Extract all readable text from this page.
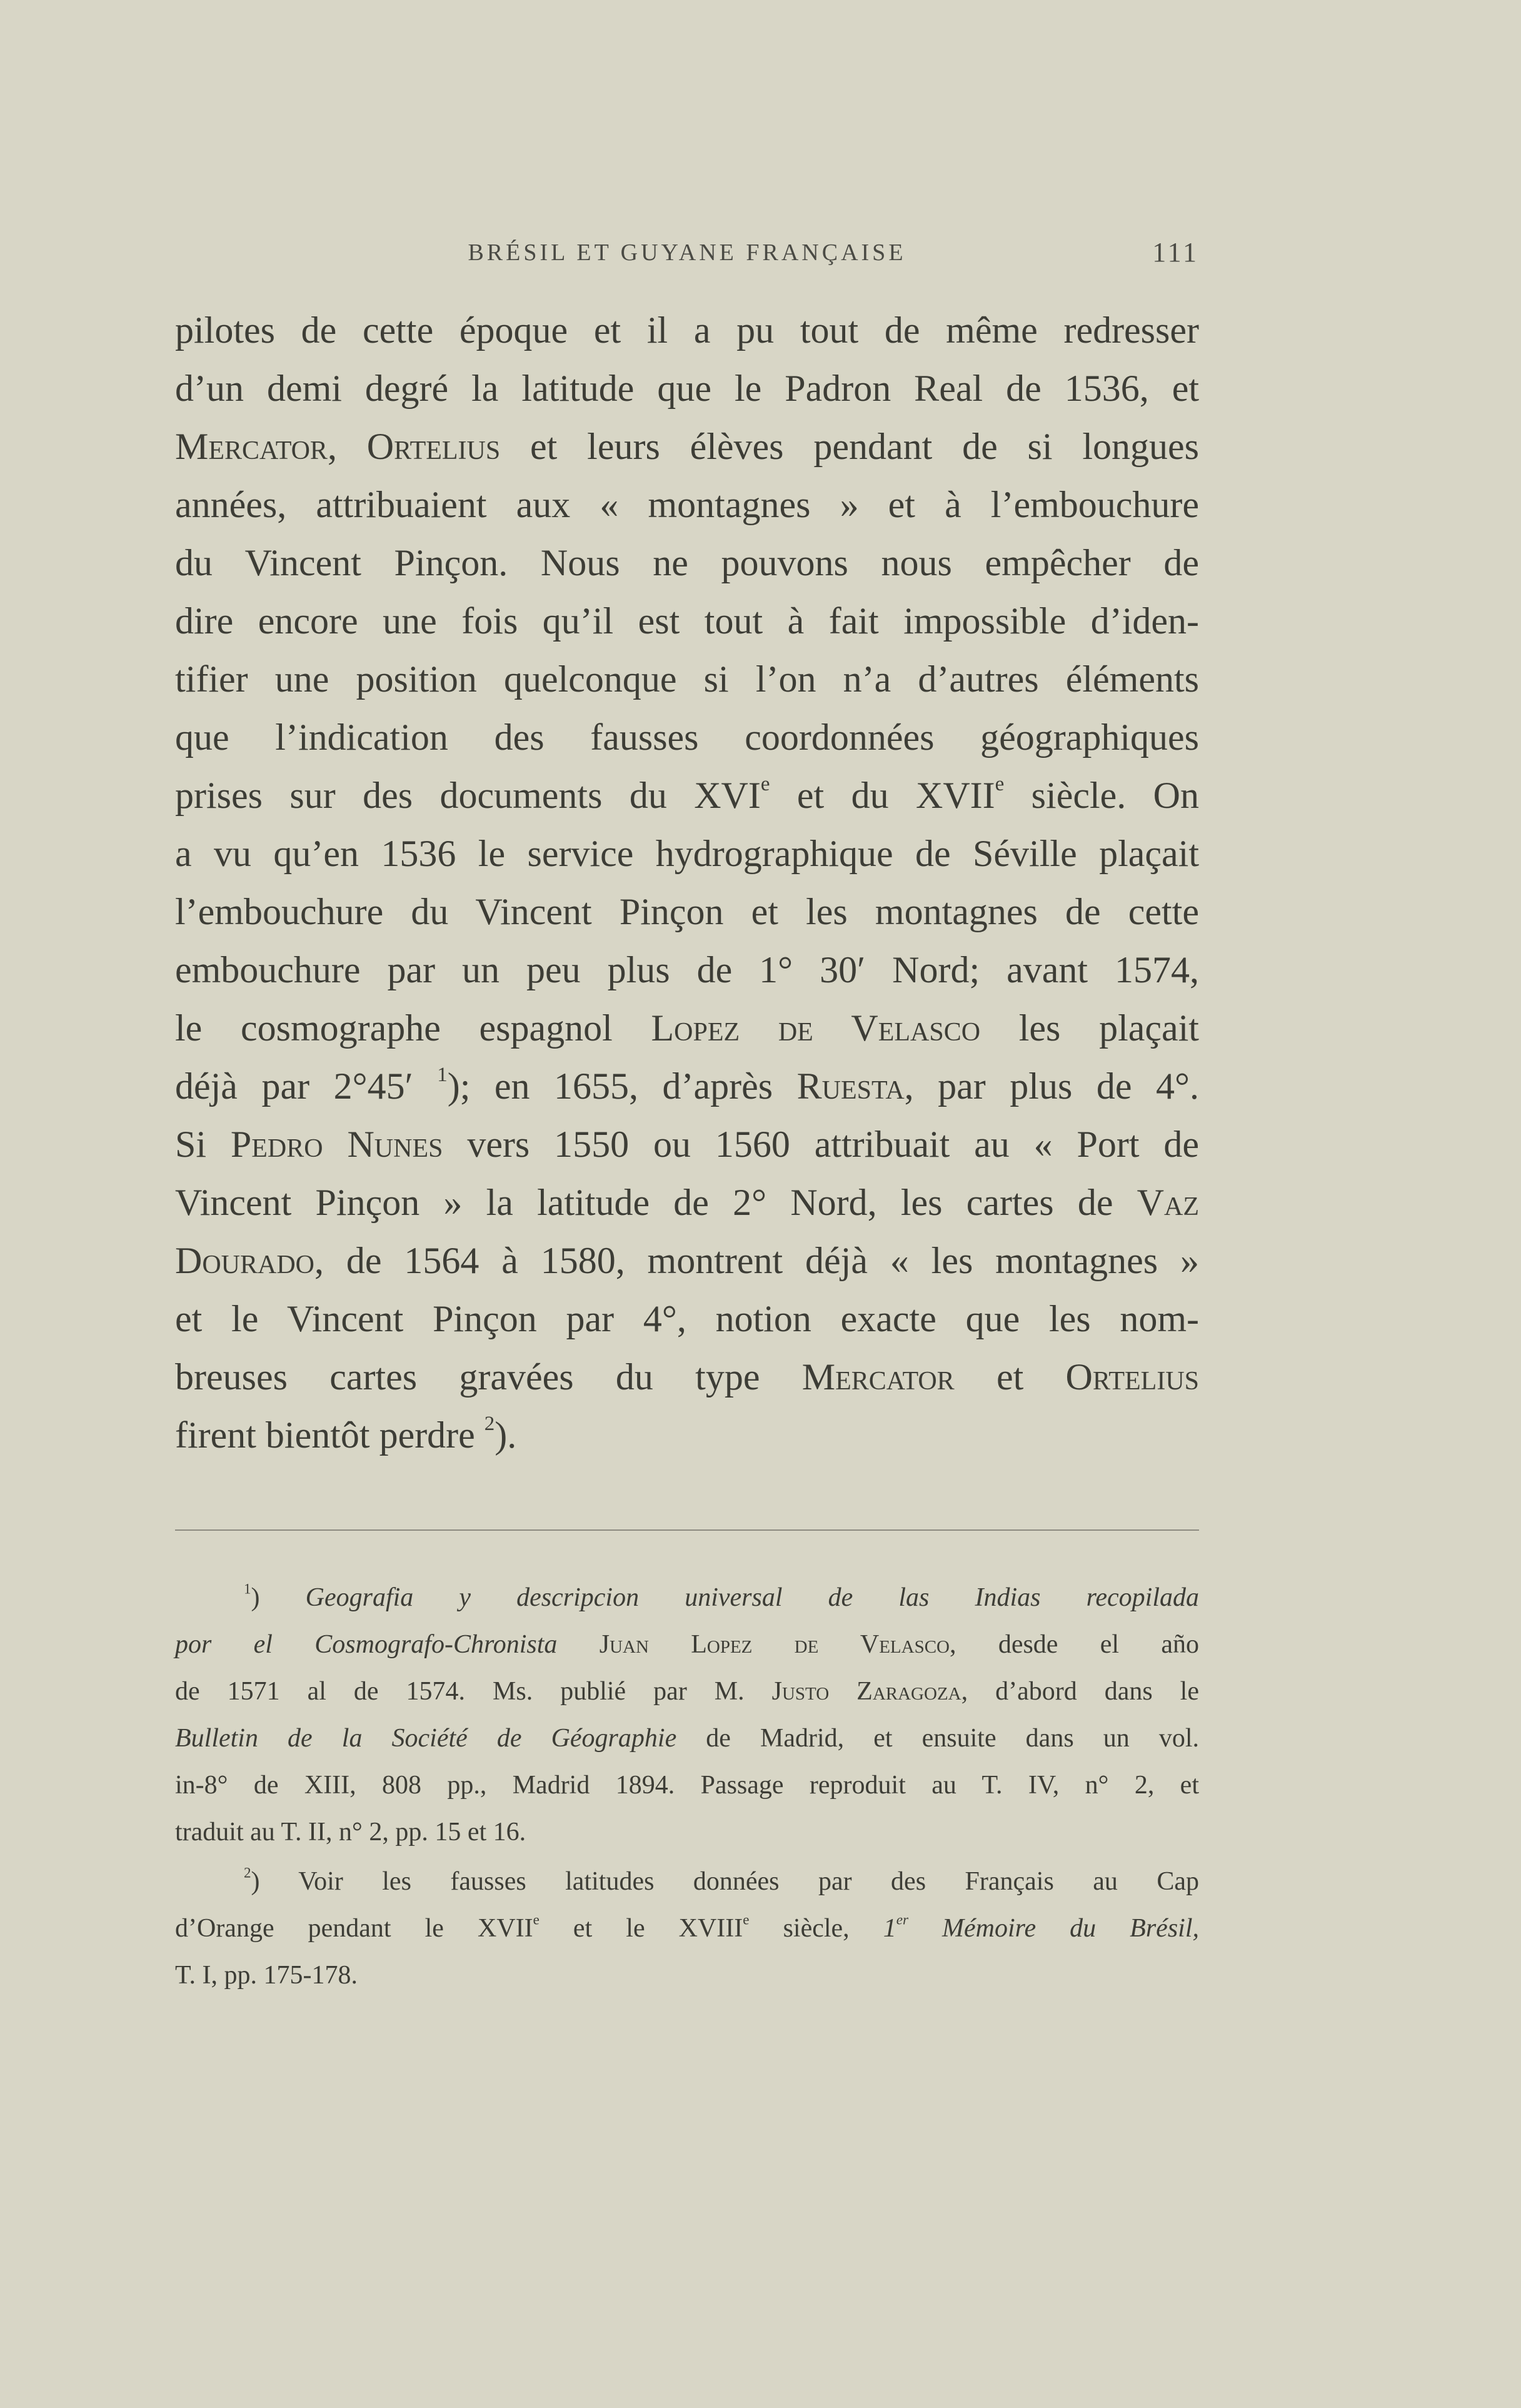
BRÉSIL ET GUYANE FRANÇAISE	111
pilotes de cette époque et il a pu tout de même redresser
d’un demi degré la latitude que le Padron Real de 1536, et
Mercator, Ortelius et leurs élèves pendant de si longues
années, attribuaient aux « montagnes » et à l’embouchure
du Vincent Pinçon. Nous ne pouvons nous empêcher de
dire encore une fois qu’il est tout à fait impossible d’iden-
tifier une position quelconque si l’on n’a d’autres éléments
que l’indication des fausses coordonnées géographiques
prises sur des documents du XVIe et du XVIIe siècle. On
a vu qu’en 1536 le service hydrographique de Séville plaçait
l’embouchure du Vincent Pinçon et les montagnes de cette
embouchure par un peu plus de 1° 30′ Nord; avant 1574,
le cosmographe espagnol Lopez de Velasco les plaçait
déjà par 2°45′ $^1$); en 1655, d’après Ruesta, par plus de 4°.
Si Pedro Nunes vers 1550 ou 1560 attribuait au « Port de
Vincent Pinçon » la latitude de 2° Nord, les cartes de Vaz
Dourado, de 1564 à 1580, montrent déjà « les montagnes »
et le Vincent Pinçon par 4°, notion exacte que les nom-
breuses cartes gravées du type Mercator et Ortelius
firent bientôt perdre $^2$).
$^1$) Geografia y descripcion universal de las Indias recopilada
por el Cosmografo-Chronista Juan Lopez de Velasco, desde el año
de 1571 al de 1574. Ms. publié par M. Justo Zaragoza, d’abord dans le
Bulletin de la Société de Géographie de Madrid, et ensuite dans un vol.
in-8° de XIII, 808 pp., Madrid 1894. Passage reproduit au T. IV, n° 2, et
traduit au T. II, n° 2, pp. 15 et 16.
$^2$) Voir les fausses latitudes données par des Français au Cap
d’Orange pendant le XVIIe et le XVIIIe siècle, 1er Mémoire du Brésil,
T. I, pp. 175-178.
